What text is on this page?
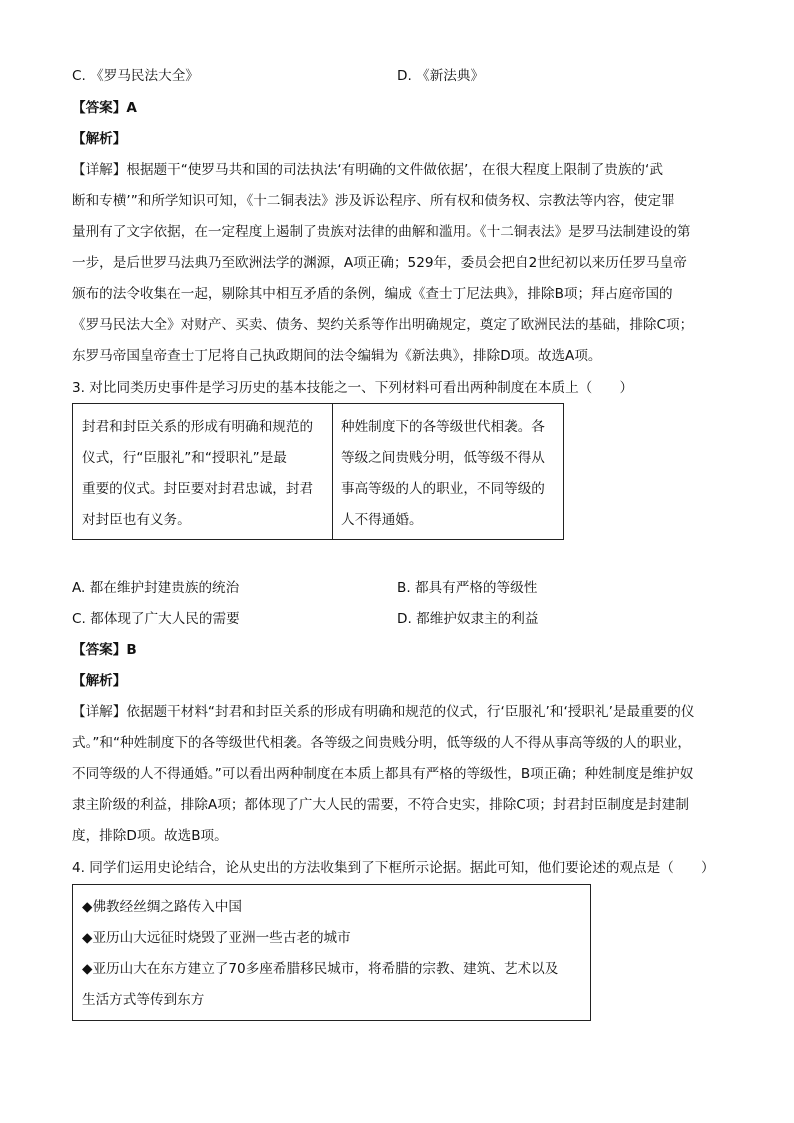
C. 《罗马民法大全》	D. 《新法典》
【答案】A
【解析】
【详解】根据题干“使罗马共和国的司法执法‘有明确的文件做依据’，在很大程度上限制了贵族的‘武
断和专横’”和所学知识可知，《十二铜表法》涉及诉讼程序、所有权和债务权、宗教法等内容，使定罪
量刑有了文字依据，在一定程度上遏制了贵族对法律的曲解和滥用。《十二铜表法》是罗马法制建设的第
一步，是后世罗马法典乃至欧洲法学的渊源，A项正确；529年，委员会把自2世纪初以来历任罗马皇帝
颁布的法令收集在一起，剔除其中相互矛盾的条例，编成《查士丁尼法典》，排除B项；拜占庭帝国的
《罗马民法大全》对财产、买卖、债务、契约关系等作出明确规定，奠定了欧洲民法的基础，排除C项；
东罗马帝国皇帝查士丁尼将自己执政期间的法令编辑为《新法典》，排除D项。故选A项。
3. 对比同类历史事件是学习历史的基本技能之一、下列材料可看出两种制度在本质上（　　）
封君和封臣关系的形成有明确和规范的
仪式，行“臣服礼”和“授职礼”是最
重要的仪式。封臣要对封君忠诚，封君
对封臣也有义务。
种姓制度下的各等级世代相袭。各
等级之间贵贱分明，低等级不得从
事高等级的人的职业，不同等级的
人不得通婚。
A. 都在维护封建贵族的统治	B. 都具有严格的等级性
C. 都体现了广大人民的需要	D. 都维护奴隶主的利益
【答案】B
【解析】
【详解】依据题干材料“封君和封臣关系的形成有明确和规范的仪式，行‘臣服礼’和‘授职礼’是最重要的仪
式。”和“种姓制度下的各等级世代相袭。各等级之间贵贱分明，低等级的人不得从事高等级的人的职业，
不同等级的人不得通婚。”可以看出两种制度在本质上都具有严格的等级性，B项正确；种姓制度是维护奴
隶主阶级的利益，排除A项；都体现了广大人民的需要，不符合史实，排除C项；封君封臣制度是封建制
度，排除D项。故选B项。
4. 同学们运用史论结合，论从史出的方法收集到了下框所示论据。据此可知，他们要论述的观点是（　　）
◆佛教经丝绸之路传入中国
◆亚历山大远征时烧毁了亚洲一些古老的城市
◆亚历山大在东方建立了70多座希腊移民城市，将希腊的宗教、建筑、艺术以及
生活方式等传到东方
